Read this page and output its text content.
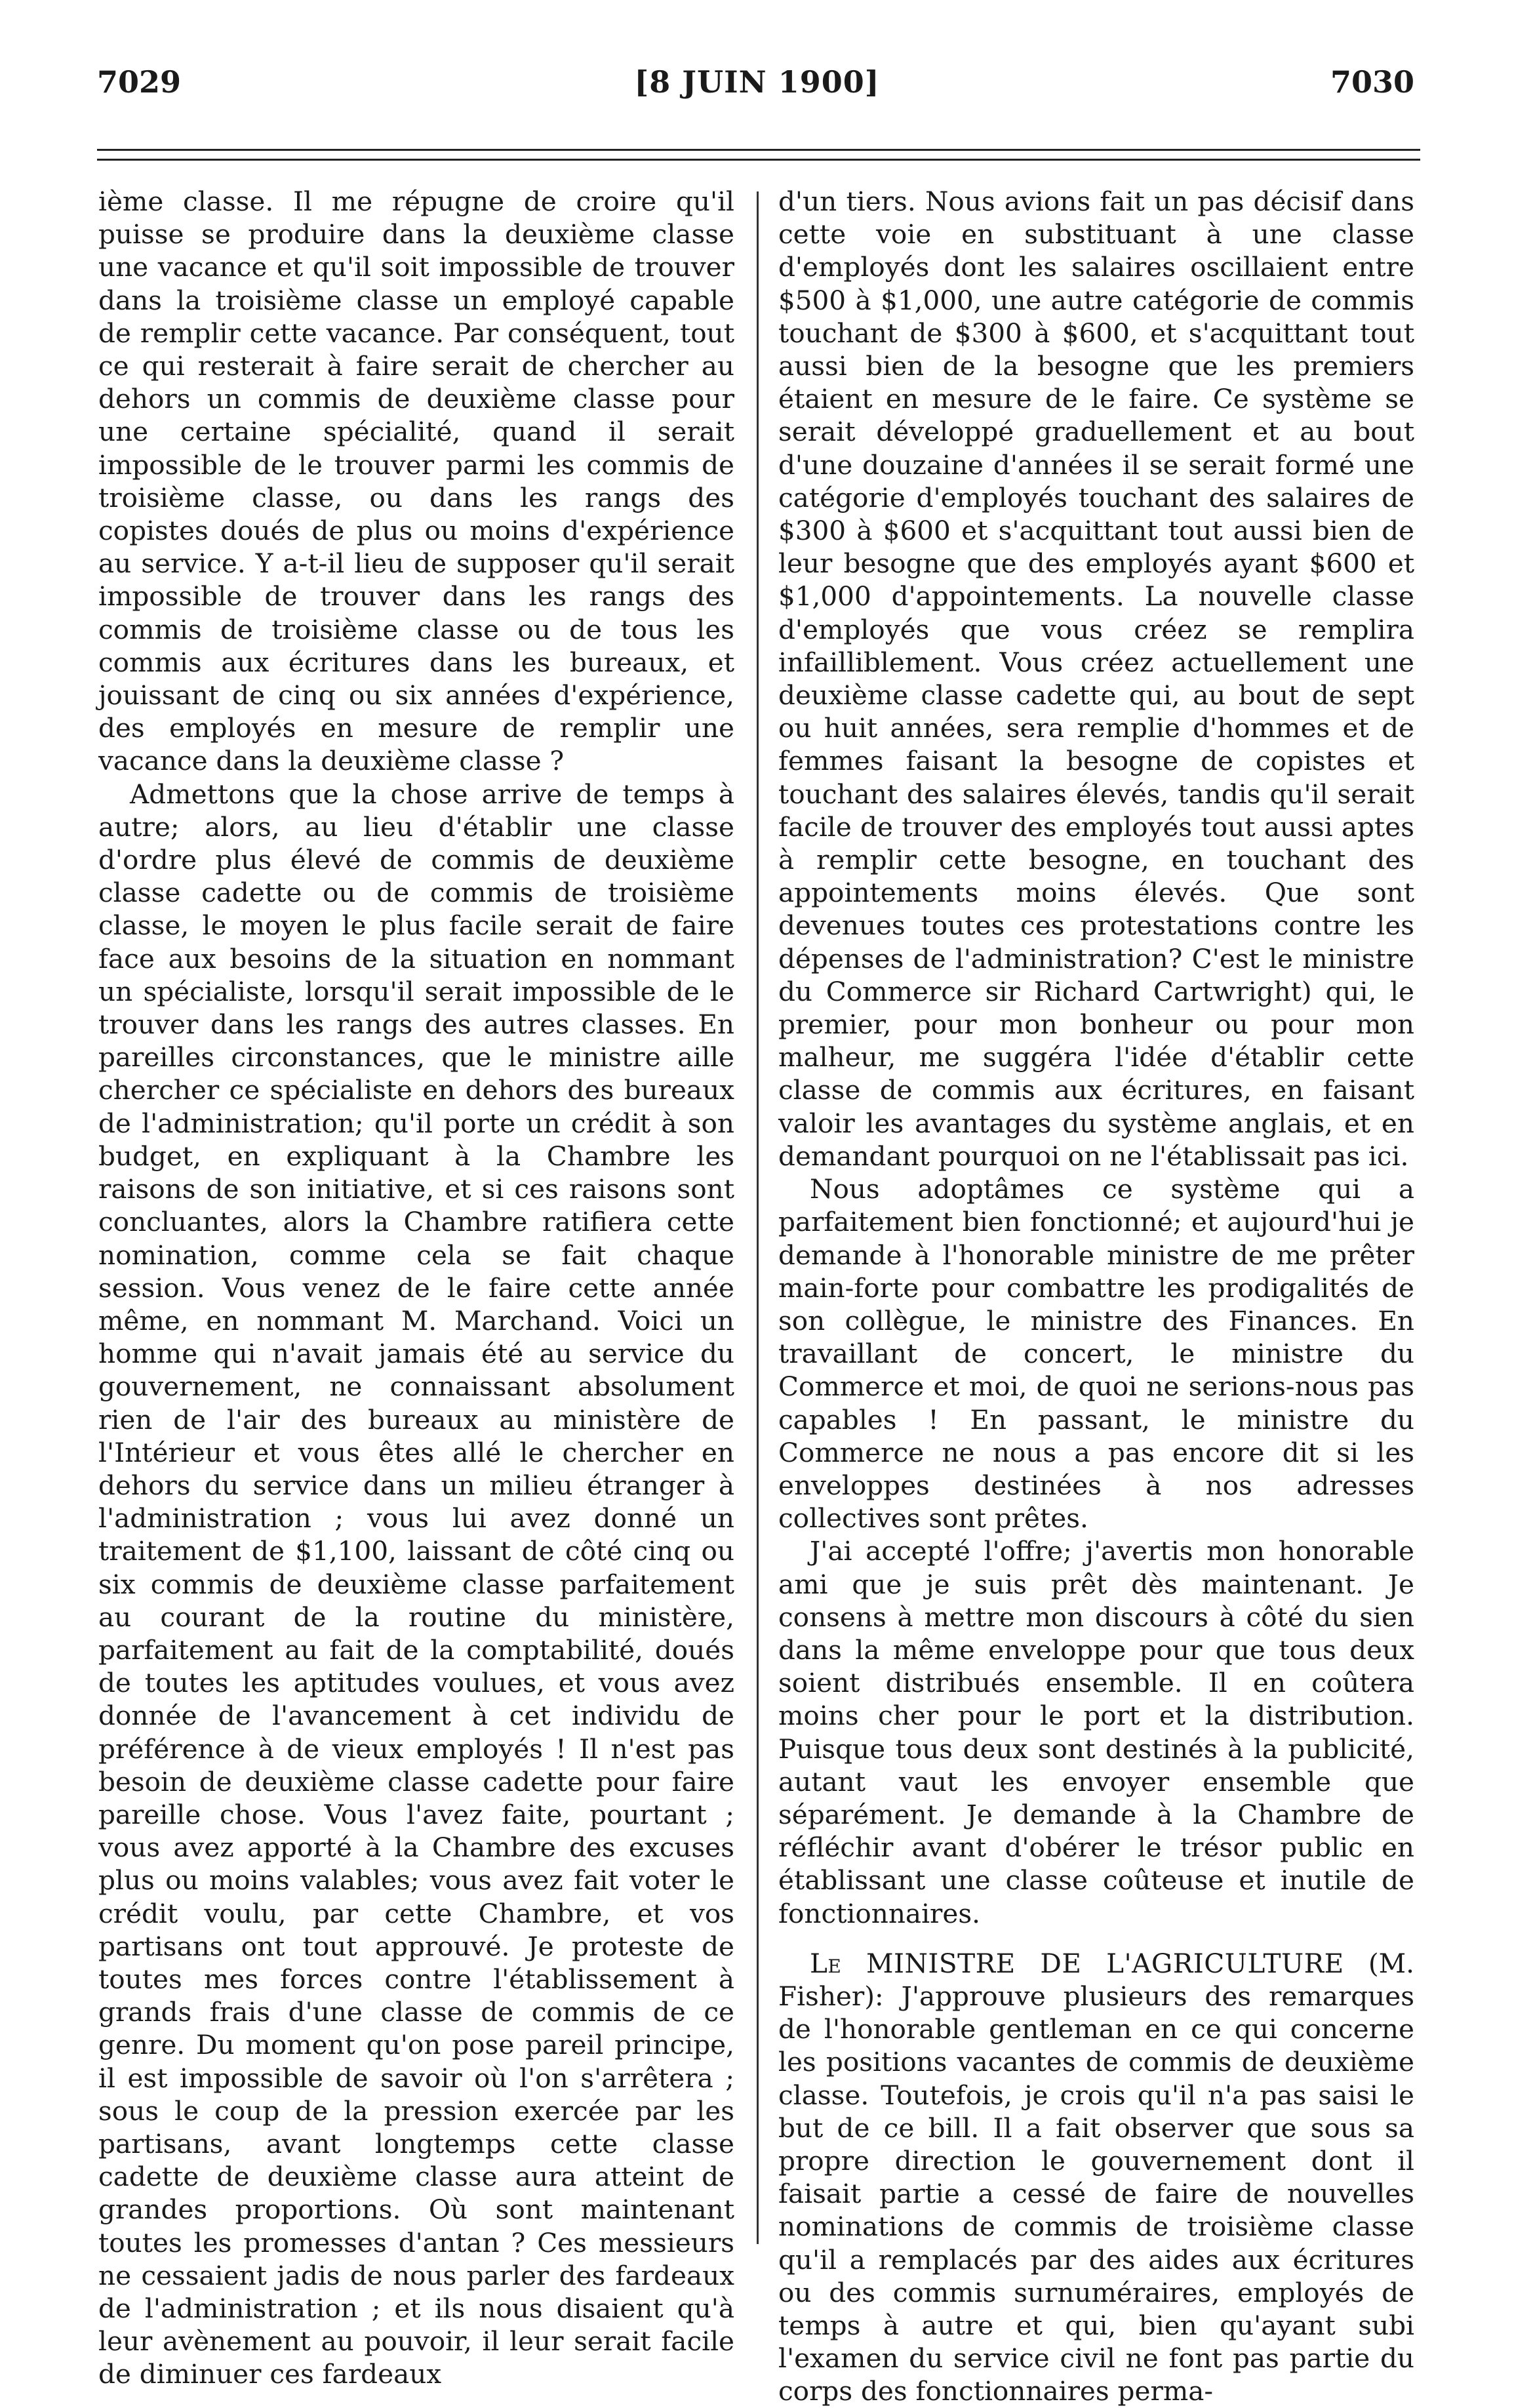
7029	[8 JUIN 1900]	7030

ième classe. Il me répugne de croire qu'il puisse se produire dans la deuxième classe une vacance et qu'il soit impossible de trouver dans la troisième classe un employé capable de remplir cette vacance. Par conséquent, tout ce qui resterait à faire serait de chercher au dehors un commis de deuxième classe pour une certaine spécialité, quand il serait impossible de le trouver parmi les commis de troisième classe, ou dans les rangs des copistes doués de plus ou moins d'expérience au service. Y a-t-il lieu de supposer qu'il serait impossible de trouver dans les rangs des commis de troisième classe ou de tous les commis aux écritures dans les bureaux, et jouissant de cinq ou six années d'expérience, des employés en mesure de remplir une vacance dans la deuxième classe ?

Admettons que la chose arrive de temps à autre; alors, au lieu d'établir une classe d'ordre plus élevé de commis de deuxième classe cadette ou de commis de troisième classe, le moyen le plus facile serait de faire face aux besoins de la situation en nommant un spécialiste, lorsqu'il serait impossible de le trouver dans les rangs des autres classes. En pareilles circonstances, que le ministre aille chercher ce spécialiste en dehors des bureaux de l'administration; qu'il porte un crédit à son budget, en expliquant à la Chambre les raisons de son initiative, et si ces raisons sont concluantes, alors la Chambre ratifiera cette nomination, comme cela se fait chaque session. Vous venez de le faire cette année même, en nommant M. Marchand. Voici un homme qui n'avait jamais été au service du gouvernement, ne connaissant absolument rien de l'air des bureaux au ministère de l'Intérieur et vous êtes allé le chercher en dehors du service dans un milieu étranger à l'administration ; vous lui avez donné un traitement de $1,100, laissant de côté cinq ou six commis de deuxième classe parfaitement au courant de la routine du ministère, parfaitement au fait de la comptabilité, doués de toutes les aptitudes voulues, et vous avez donnée de l'avancement à cet individu de préférence à de vieux employés ! Il n'est pas besoin de deuxième classe cadette pour faire pareille chose. Vous l'avez faite, pourtant ; vous avez apporté à la Chambre des excuses plus ou moins valables; vous avez fait voter le crédit voulu, par cette Chambre, et vos partisans ont tout approuvé. Je proteste de toutes mes forces contre l'établissement à grands frais d'une classe de commis de ce genre. Du moment qu'on pose pareil principe, il est impossible de savoir où l'on s'arrêtera ; sous le coup de la pression exercée par les partisans, avant longtemps cette classe cadette de deuxième classe aura atteint de grandes proportions. Où sont maintenant toutes les promesses d'antan ? Ces messieurs ne cessaient jadis de nous parler des fardeaux de l'administration ; et ils nous disaient qu'à leur avènement au pouvoir, il leur serait facile de diminuer ces fardeaux

d'un tiers. Nous avions fait un pas décisif dans cette voie en substituant à une classe d'employés dont les salaires oscillaient entre $500 à $1,000, une autre catégorie de commis touchant de $300 à $600, et s'acquittant tout aussi bien de la besogne que les premiers étaient en mesure de le faire. Ce système se serait développé graduellement et au bout d'une douzaine d'années il se serait formé une catégorie d'employés touchant des salaires de $300 à $600 et s'acquittant tout aussi bien de leur besogne que des employés ayant $600 et $1,000 d'appointements. La nouvelle classe d'employés que vous créez se remplira infailliblement. Vous créez actuellement une deuxième classe cadette qui, au bout de sept ou huit années, sera remplie d'hommes et de femmes faisant la besogne de copistes et touchant des salaires élevés, tandis qu'il serait facile de trouver des employés tout aussi aptes à remplir cette besogne, en touchant des appointements moins élevés. Que sont devenues toutes ces protestations contre les dépenses de l'administration? C'est le ministre du Commerce sir Richard Cartwright) qui, le premier, pour mon bonheur ou pour mon malheur, me suggéra l'idée d'établir cette classe de commis aux écritures, en faisant valoir les avantages du système anglais, et en demandant pourquoi on ne l'établissait pas ici.

Nous adoptâmes ce système qui a parfaitement bien fonctionné; et aujourd'hui je demande à l'honorable ministre de me prêter main-forte pour combattre les prodigalités de son collègue, le ministre des Finances. En travaillant de concert, le ministre du Commerce et moi, de quoi ne serions-nous pas capables ! En passant, le ministre du Commerce ne nous a pas encore dit si les enveloppes destinées à nos adresses collectives sont prêtes.

J'ai accepté l'offre; j'avertis mon honorable ami que je suis prêt dès maintenant. Je consens à mettre mon discours à côté du sien dans la même enveloppe pour que tous deux soient distribués ensemble. Il en coûtera moins cher pour le port et la distribution. Puisque tous deux sont destinés à la publicité, autant vaut les envoyer ensemble que séparément. Je demande à la Chambre de réfléchir avant d'obérer le trésor public en établissant une classe coûteuse et inutile de fonctionnaires.

Le MINISTRE DE L'AGRICULTURE (M. Fisher): J'approuve plusieurs des remarques de l'honorable gentleman en ce qui concerne les positions vacantes de commis de deuxième classe. Toutefois, je crois qu'il n'a pas saisi le but de ce bill. Il a fait observer que sous sa propre direction le gouvernement dont il faisait partie a cessé de faire de nouvelles nominations de commis de troisième classe qu'il a remplacés par des aides aux écritures ou des commis surnuméraires, employés de temps à autre et qui, bien qu'ayant subi l'examen du service civil ne font pas partie du corps des fonctionnaires perma-
